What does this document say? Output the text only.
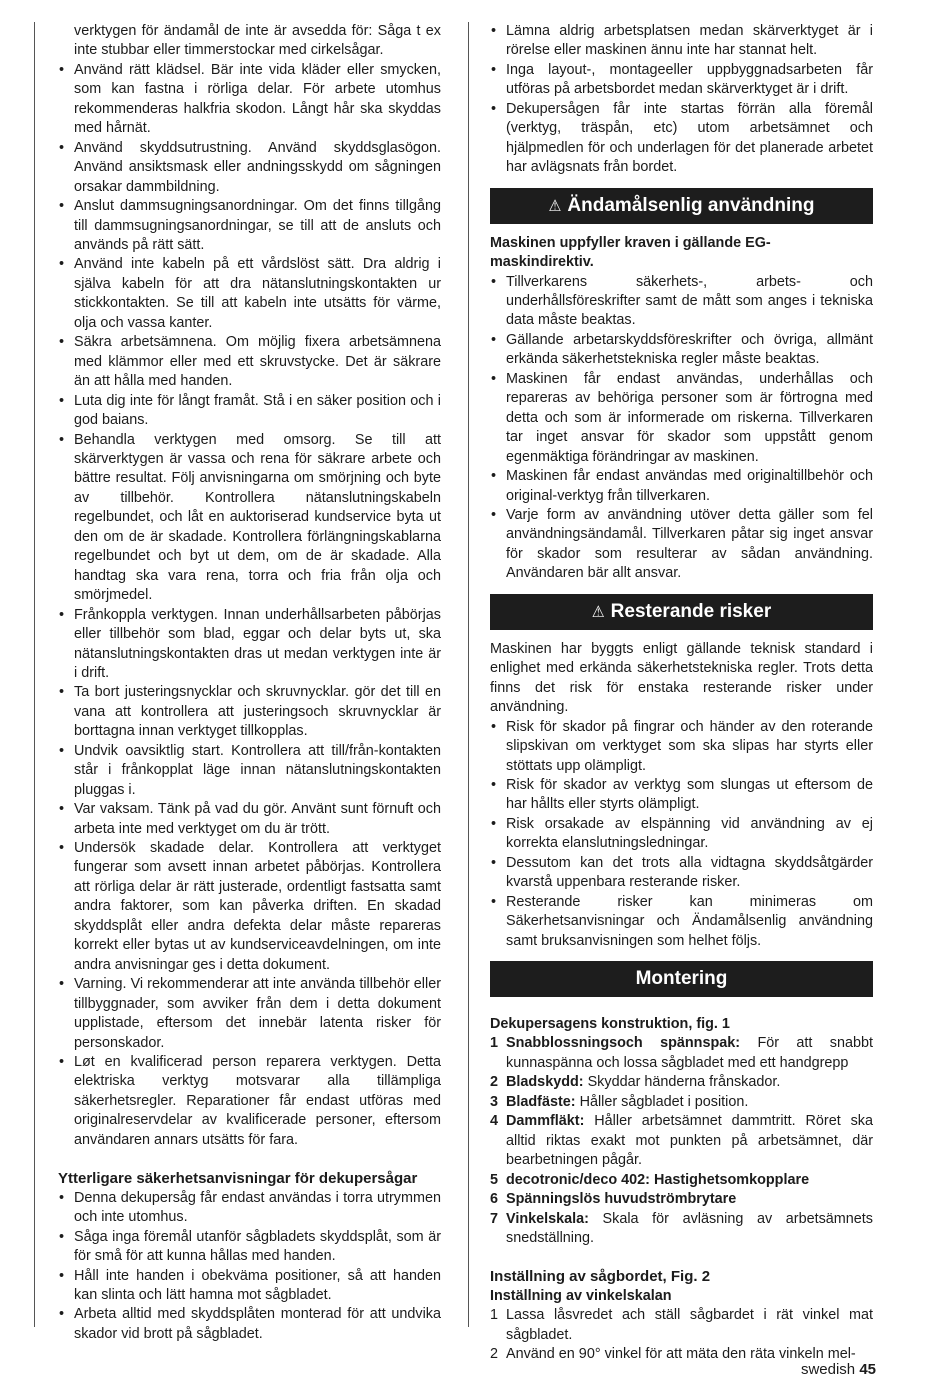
verktygen för ändamål de inte är avsedda för: Såga t ex inte stubbar eller timmerstockar med cirkelsågar.
• Använd rätt klädsel. Bär inte vida kläder eller smycken, som kan fastna i rörliga delar. För arbete utomhus rekommenderas halkfria skodon. Långt hår ska skyddas med hårnät.
• Använd skyddsutrustning. Använd skyddsglasögon. Använd ansiktsmask eller andningsskydd om sågningen orsakar dammbildning.
• Anslut dammsugningsanordningar. Om det finns tillgång till dammsugningsanordningar, se till att de ansluts och används på rätt sätt.
• Använd inte kabeln på ett vårdslöst sätt. Dra aldrig i själva kabeln för att dra nätanslutningskontakten ur stickkontakten. Se till att kabeln inte utsätts för värme, olja och vassa kanter.
• Säkra arbetsämnena. Om möjlig fixera arbetsämnena med klämmor eller med ett skruvstycke. Det är säkrare än att hålla med handen.
• Luta dig inte för långt framåt. Stå i en säker position och i god baians.
• Behandla verktygen med omsorg. Se till att skärverktygen är vassa och rena för säkrare arbete och bättre resultat. Följ anvisningarna om smörjning och byte av tillbehör. Kontrollera nätanslutningskabeln regelbundet, och låt en auktoriserad kundservice byta ut den om de är skadade. Kontrollera förlängningskablarna regelbundet och byt ut dem, om de är skadade. Alla handtag ska vara rena, torra och fria från olja och smörjmedel.
• Frånkoppla verktygen. Innan underhållsarbeten påbörjas eller tillbehör som blad, eggar och delar byts ut, ska nätanslutningskontakten dras ut medan verktygen inte är i drift.
• Ta bort justeringsnycklar och skruvnycklar. gör det till en vana att kontrollera att justeringsoch skruvnycklar är borttagna innan verktyget tillkopplas.
• Undvik oavsiktlig start. Kontrollera att till/från-kontakten står i frånkopplat läge innan nätanslutningskontakten pluggas i.
• Var vaksam. Tänk på vad du gör. Använt sunt förnuft och arbeta inte med verktyget om du är trött.
• Undersök skadade delar. Kontrollera att verktyget fungerar som avsett innan arbetet påbörjas. Kontrollera att rörliga delar är rätt justerade, ordentligt fastsatta samt andra faktorer, som kan påverka driften. En skadad skyddsplåt eller andra defekta delar måste repareras korrekt eller bytas ut av kundserviceavdelningen, om inte andra anvisningar ges i detta dokument.
• Varning. Vi rekommenderar att inte använda tillbehör eller tillbyggnader, som avviker från dem i detta dokument upplistade, eftersom det innebär latenta risker för personskador.
• Løt en kvalificerad person reparera verktygen. Detta elektriska verktyg motsvarar alla tillämpliga säkerhetsregler. Reparationer får endast utföras med originalreservdelar av kvalificerade personer, eftersom användaren annars utsätts för fara.

Ytterligare säkerhetsanvisningar för dekupersågar

• Denna dekupersåg får endast användas i torra utrymmen och inte utomhus.
• Såga inga föremål utanför sågbladets skyddsplåt, som är för små för att kunna hållas med handen.
• Håll inte handen i obekväma positioner, så att handen kan slinta och lätt hamna mot sågbladet.
• Arbeta alltid med skyddsplåten monterad för att undvika skador vid brott på sågbladet.
• Lämna aldrig arbetsplatsen medan skärverktyget är i rörelse eller maskinen ännu inte har stannat helt.
• Inga layout-, montageeller uppbyggnadsarbeten får utföras på arbetsbordet medan skärverktyget är i drift.
• Dekupersågen får inte startas förrän alla föremål (verktyg, träspån, etc) utom arbetsämnet och hjälpmedlen för och underlagen för det planerade arbetet har avlägsnats från bordet.
⚠ Ändamålsenlig användning

Maskinen uppfyller kraven i gällande EG-maskindirektiv.

• Tillverkarens säkerhets-, arbets- och underhållsföreskrifter samt de mått som anges i tekniska data måste beaktas.
• Gällande arbetarskyddsföreskrifter och övriga, allmänt erkända säkerhetstekniska regler måste beaktas.
• Maskinen får endast användas, underhållas och repareras av behöriga personer som är förtrogna med detta och som är informerade om riskerna. Tillverkaren tar inget ansvar för skador som uppstått genom egenmäktiga förändringar av maskinen.
• Maskinen får endast användas med originaltillbehör och original-verktyg från tillverkaren.
• Varje form av användning utöver detta gäller som fel användningsändamål. Tillverkaren påtar sig inget ansvar för skador som resulterar av sådan användning. Användaren bär allt ansvar.
⚠ Resterande risker

Maskinen har byggts enligt gällande teknisk standard i enlighet med erkända säkerhetstekniska regler. Trots detta finns det risk för enstaka resterande risker under användning.

• Risk för skador på fingrar och händer av den roterande slipskivan om verktyget som ska slipas har styrts eller stöttats upp olämpligt.
• Risk för skador av verktyg som slungas ut eftersom de har hållts eller styrts olämpligt.
• Risk orsakade av elspänning vid användning av ej korrekta elanslutningsledningar.
• Dessutom kan det trots alla vidtagna skyddsåtgärder kvarstå uppenbara resterande risker.
• Resterande risker kan minimeras om Säkerhetsanvisningar och Ändamålsenlig användning samt bruksanvisningen som helhet följs.
Montering

Dekupersagens konstruktion, fig. 1

1 Snabblossningsoch spännspak: För att snabbt kunnaspänna och lossa sågbladet med ett handgrepp
2 Bladskydd: Skyddar händerna frånskador.
3 Bladfäste: Håller sågbladet i position.
4 Dammfläkt: Håller arbetsämnet dammtritt. Röret ska alltid riktas exakt mot punkten på arbetsämnet, där bearbetningen pågår.
5 decotronic/deco 402: Hastighetsomkopplare
6 Spänningslös huvudströmbrytare
7 Vinkelskala: Skala för avläsning av arbetsämnets snedställning.

Inställning av sågbordet, Fig. 2

Inställning av vinkelskalan

1 Lassa låsvredet ach ställ sågbardet i rät vinkel mat sågbladet.
2 Använd en 90° vinkel för att mäta den räta vinkeln mel-
swedish 45
